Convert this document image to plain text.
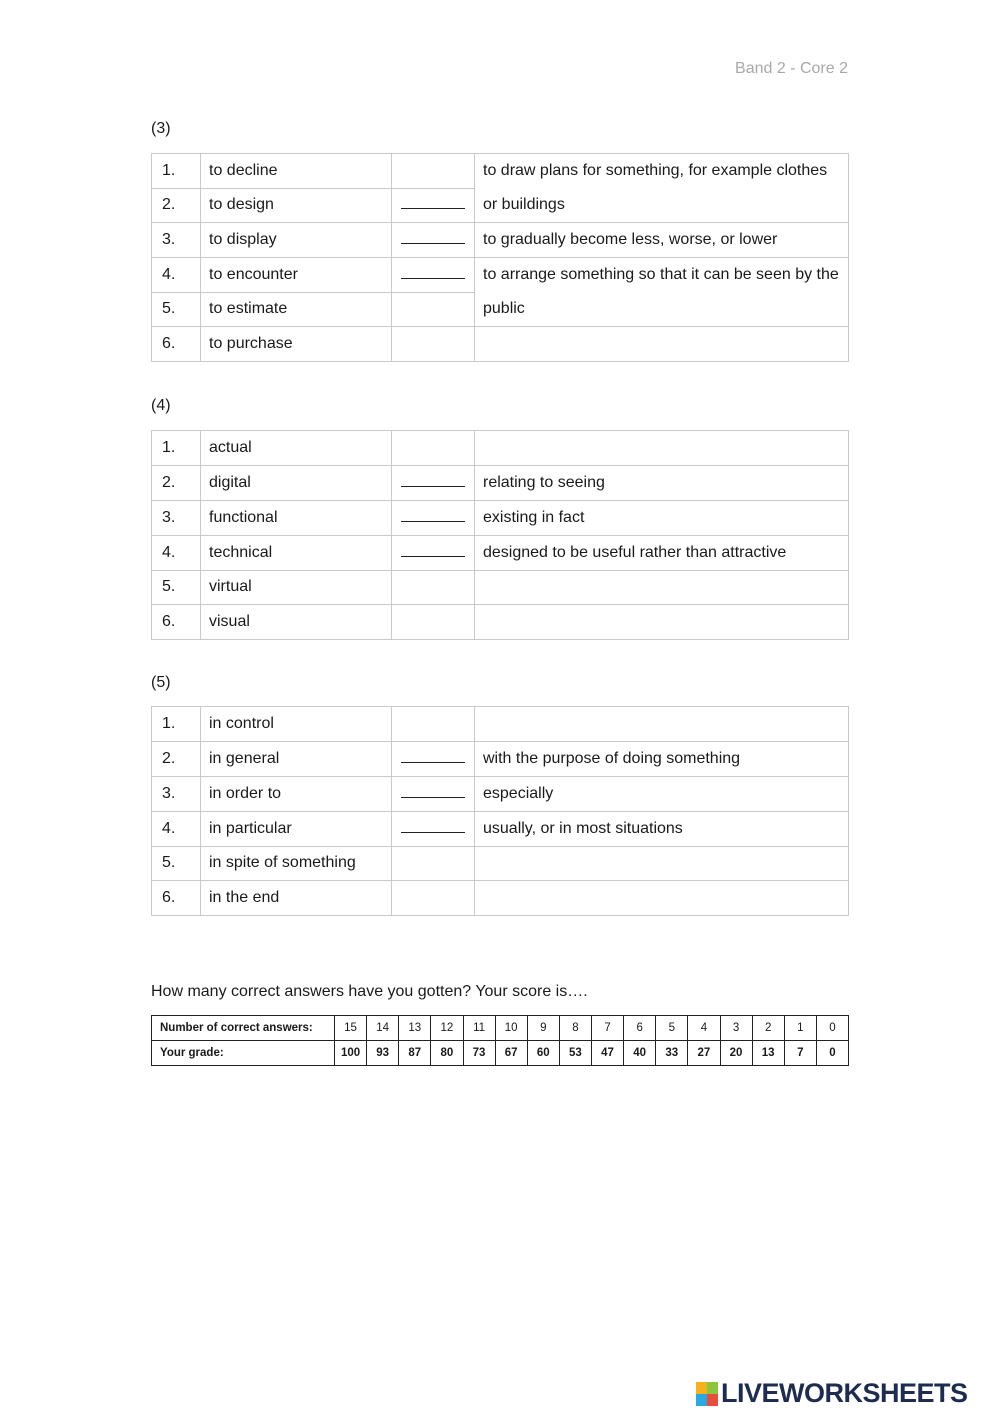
Band 2 - Core 2
(3)
1.	to decline		to draw plans for something, for example clothes or buildings
2.	to design		
3.	to display		to gradually become less, worse, or lower
4.	to encounter		to arrange something so that it can be seen by the public
5.	to estimate		
6.	to purchase		
(4)
1.	actual		
2.	digital		relating to seeing
3.	functional		existing in fact
4.	technical		designed to be useful rather than attractive
5.	virtual		
6.	visual		
(5)
1.	in control		
2.	in general		with the purpose of doing something
3.	in order to		especially
4.	in particular		usually, or in most situations
5.	in spite of something		
6.	in the end		
How many correct answers have you gotten? Your score is….
Number of correct answers:	15	14	13	12	11	10	9	8	7	6	5	4	3	2	1	0
Your grade:	100	93	87	80	73	67	60	53	47	40	33	27	20	13	7	0
LIVEWORKSHEETS
